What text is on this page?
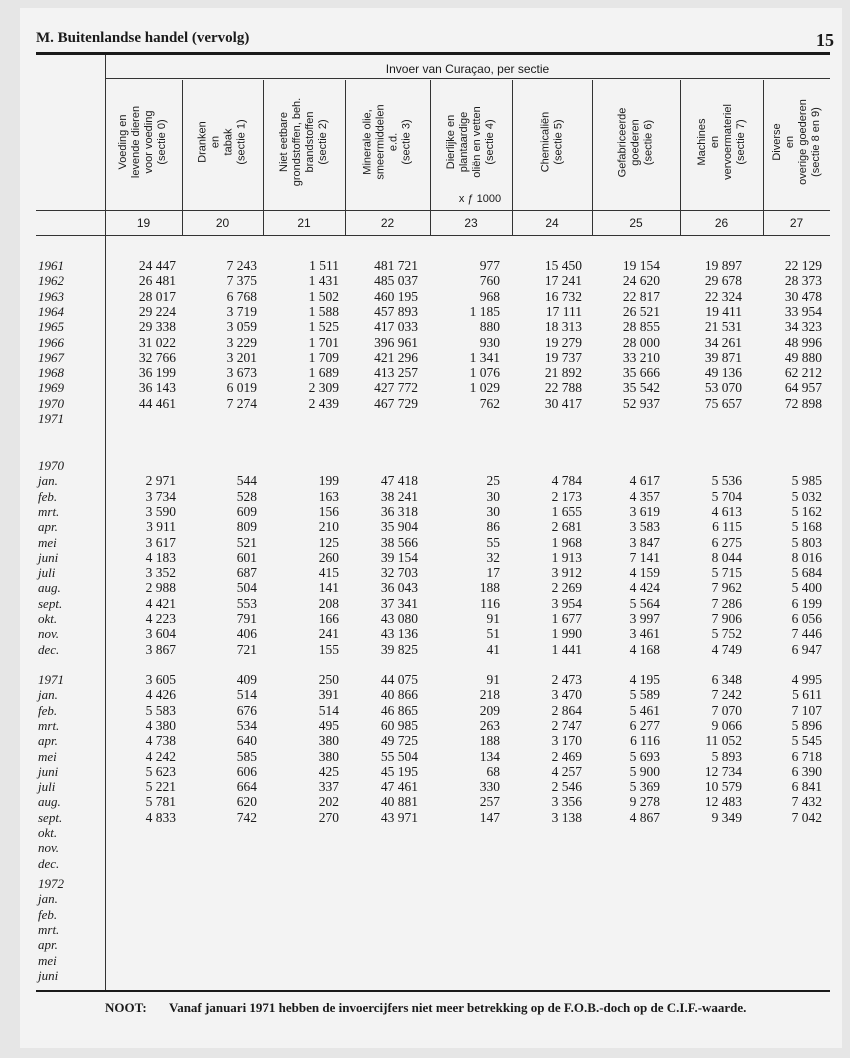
M. Buitenlandse handel (vervolg)	15
Invoer van Curaçao, per sectie
x ƒ 1000
Voeding en
levende dieren
voor voeding
(sectie 0)
19
Dranken
en
tabak
(sectie 1)
20
Niet eetbare
grondstoffen, beh.
brandstoffen
(sectie 2)
21
Minerale olie,
smeermiddelen
e.d.
(sectie 3)
22
Dierlijke en
plantaardige
oliën en vetten
(sectie 4)
23
Chemicaliën
(sectie 5)
24
Gefabriceerde
goederen
(sectie 6)
25
Machines
en
vervoermateriel
(sectie 7)
26
Diverse
en
overige goederen
(sectie 8 en 9)
27
1961	24 447	7 243	1 511	481 721	977	15 450	19 154	19 897	22 129
1962	26 481	7 375	1 431	485 037	760	17 241	24 620	29 678	28 373
1963	28 017	6 768	1 502	460 195	968	16 732	22 817	22 324	30 478
1964	29 224	3 719	1 588	457 893	1 185	17 111	26 521	19 411	33 954
1965	29 338	3 059	1 525	417 033	880	18 313	28 855	21 531	34 323
1966	31 022	3 229	1 701	396 961	930	19 279	28 000	34 261	48 996
1967	32 766	3 201	1 709	421 296	1 341	19 737	33 210	39 871	49 880
1968	36 199	3 673	1 689	413 257	1 076	21 892	35 666	49 136	62 212
1969	36 143	6 019	2 309	427 772	1 029	22 788	35 542	53 070	64 957
1970	44 461	7 274	2 439	467 729	762	30 417	52 937	75 657	72 898
1971
1970
jan.	2 971	544	199	47 418	25	4 784	4 617	5 536	5 985
feb.	3 734	528	163	38 241	30	2 173	4 357	5 704	5 032
mrt.	3 590	609	156	36 318	30	1 655	3 619	4 613	5 162
apr.	3 911	809	210	35 904	86	2 681	3 583	6 115	5 168
mei	3 617	521	125	38 566	55	1 968	3 847	6 275	5 803
juni	4 183	601	260	39 154	32	1 913	7 141	8 044	8 016
juli	3 352	687	415	32 703	17	3 912	4 159	5 715	5 684
aug.	2 988	504	141	36 043	188	2 269	4 424	7 962	5 400
sept.	4 421	553	208	37 341	116	3 954	5 564	7 286	6 199
okt.	4 223	791	166	43 080	91	1 677	3 997	7 906	6 056
nov.	3 604	406	241	43 136	51	1 990	3 461	5 752	7 446
dec.	3 867	721	155	39 825	41	1 441	4 168	4 749	6 947
1971	3 605	409	250	44 075	91	2 473	4 195	6 348	4 995
jan.	4 426	514	391	40 866	218	3 470	5 589	7 242	5 611
feb.	5 583	676	514	46 865	209	2 864	5 461	7 070	7 107
mrt.	4 380	534	495	60 985	263	2 747	6 277	9 066	5 896
apr.	4 738	640	380	49 725	188	3 170	6 116	11 052	5 545
mei	4 242	585	380	55 504	134	2 469	5 693	5 893	6 718
juni	5 623	606	425	45 195	68	4 257	5 900	12 734	6 390
juli	5 221	664	337	47 461	330	2 546	5 369	10 579	6 841
aug.	5 781	620	202	40 881	257	3 356	9 278	12 483	7 432
sept.	4 833	742	270	43 971	147	3 138	4 867	9 349	7 042
okt.
nov.
dec.
1972
jan.
feb.
mrt.
apr.
mei
juni
NOOT: Vanaf januari 1971 hebben de invoercijfers niet meer betrekking op de F.O.B.-doch op de C.I.F.-waarde.
